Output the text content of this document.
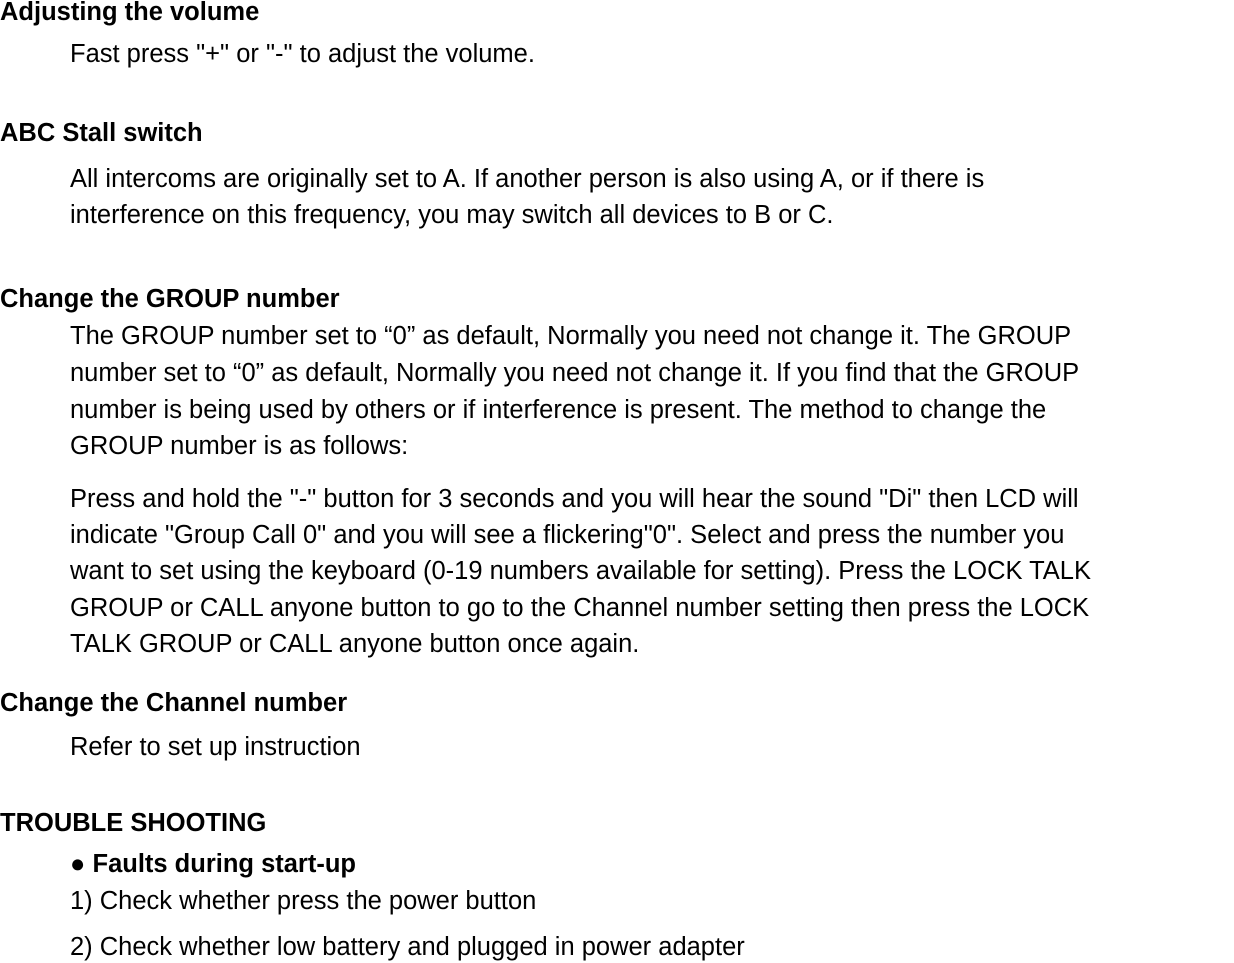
Adjusting the volume
Fast press "+" or "-" to adjust the volume.
ABC Stall switch
All intercoms are originally set to A. If another person is also using A, or if there is
interference on this frequency, you may switch all devices to B or C.
Change the GROUP number
The GROUP number set to “0” as default, Normally you need not change it. The GROUP
number set to “0” as default, Normally you need not change it. If you find that the GROUP
number is being used by others or if interference is present. The method to change the
GROUP number is as follows:
Press and hold the "-" button for 3 seconds and you will hear the sound "Di" then LCD will
indicate "Group Call 0" and you will see a flickering"0". Select and press the number you
want to set using the keyboard (0-19 numbers available for setting). Press the LOCK TALK
GROUP or CALL anyone button to go to the Channel number setting then press the LOCK
TALK GROUP or CALL anyone button once again.
Change the Channel number
Refer to set up instruction
TROUBLE SHOOTING
● Faults during start-up
1) Check whether press the power button
2) Check whether low battery and plugged in power adapter
